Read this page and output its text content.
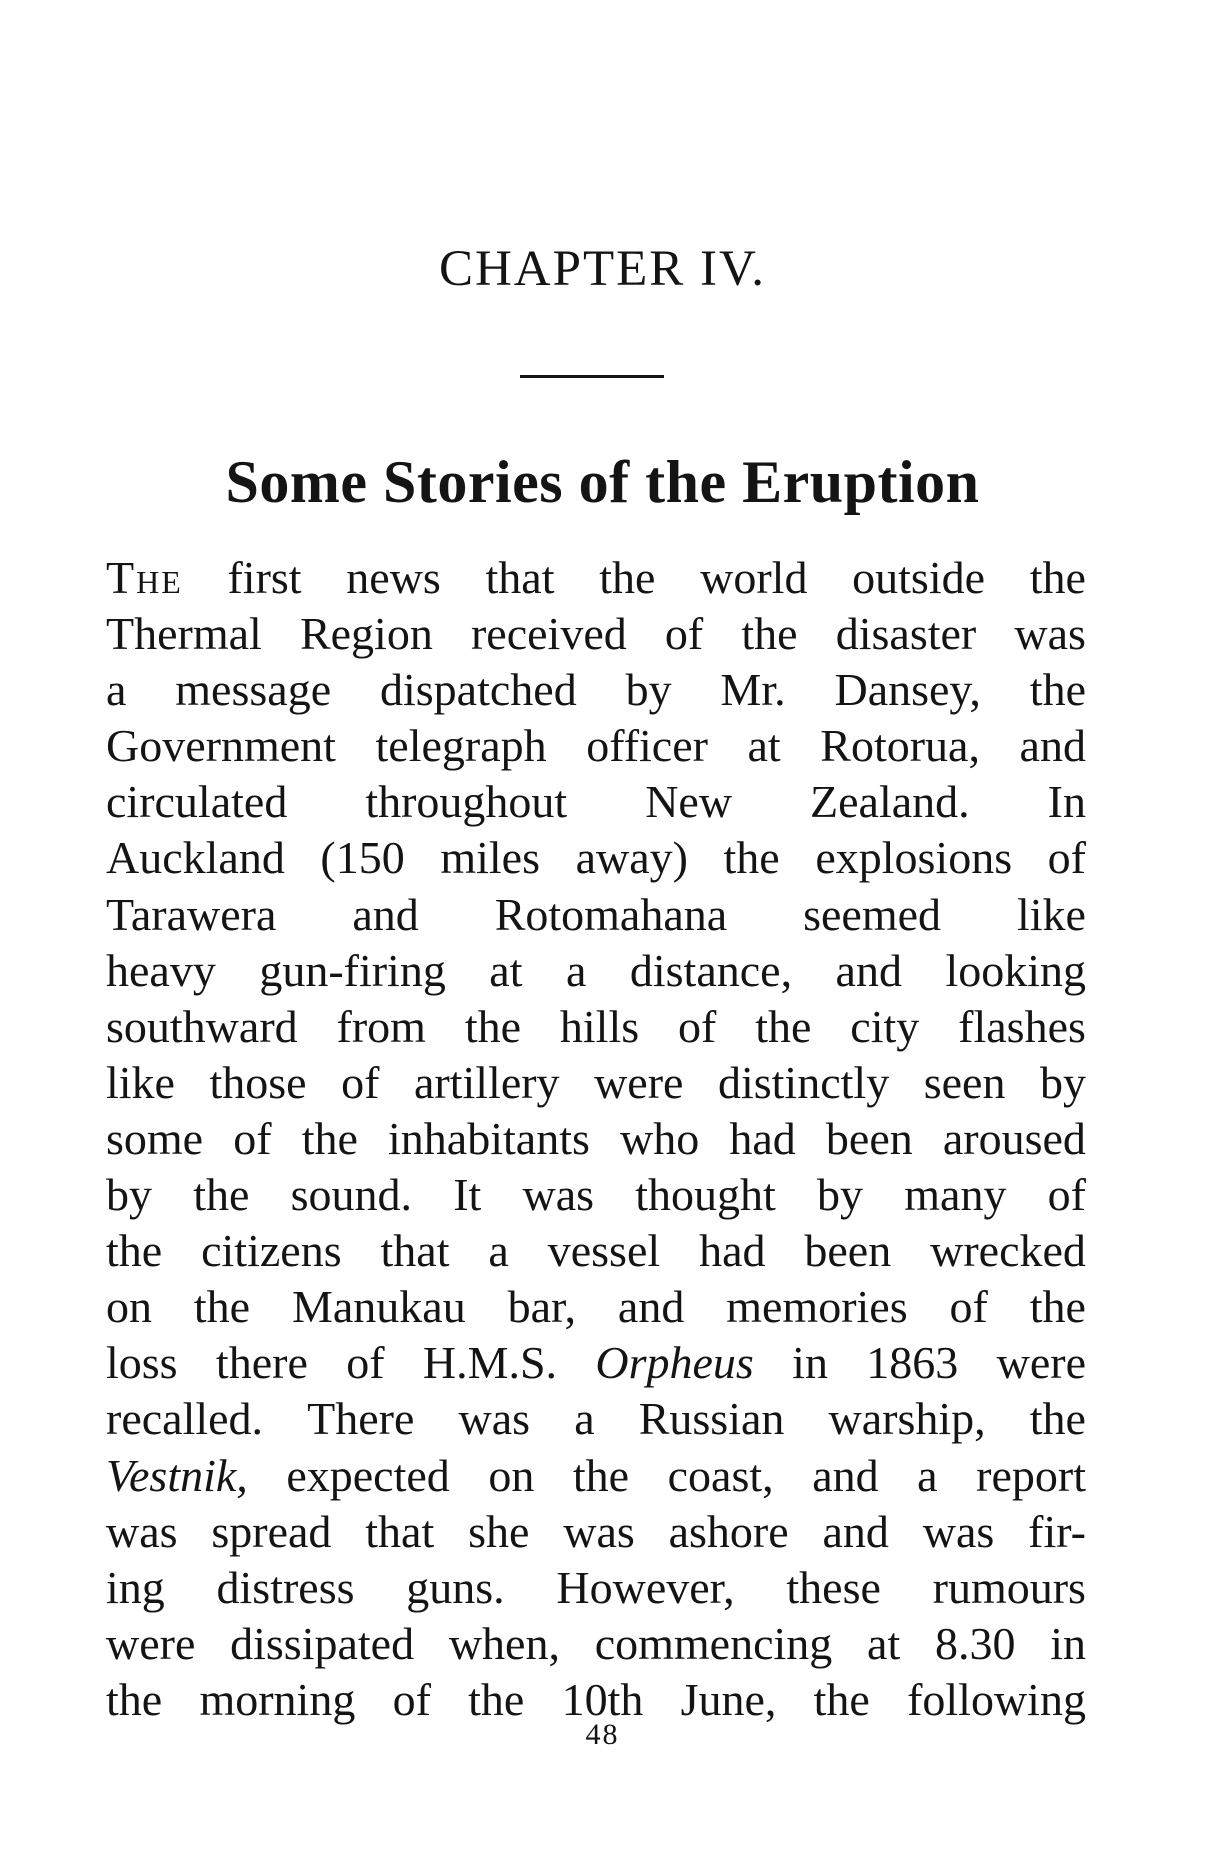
CHAPTER IV.
Some Stories of the Eruption
The first news that the world outside the
Thermal Region received of the disaster was
a message dispatched by Mr. Dansey, the
Government telegraph officer at Rotorua, and
circulated throughout New Zealand. In
Auckland (150 miles away) the explosions of
Tarawera and Rotomahana seemed like
heavy gun-firing at a distance, and looking
southward from the hills of the city flashes
like those of artillery were distinctly seen by
some of the inhabitants who had been aroused
by the sound. It was thought by many of
the citizens that a vessel had been wrecked
on the Manukau bar, and memories of the
loss there of H.M.S. Orpheus in 1863 were
recalled. There was a Russian warship, the
Vestnik, expected on the coast, and a report
was spread that she was ashore and was fir-
ing distress guns. However, these rumours
were dissipated when, commencing at 8.30 in
the morning of the 10th June, the following
48
